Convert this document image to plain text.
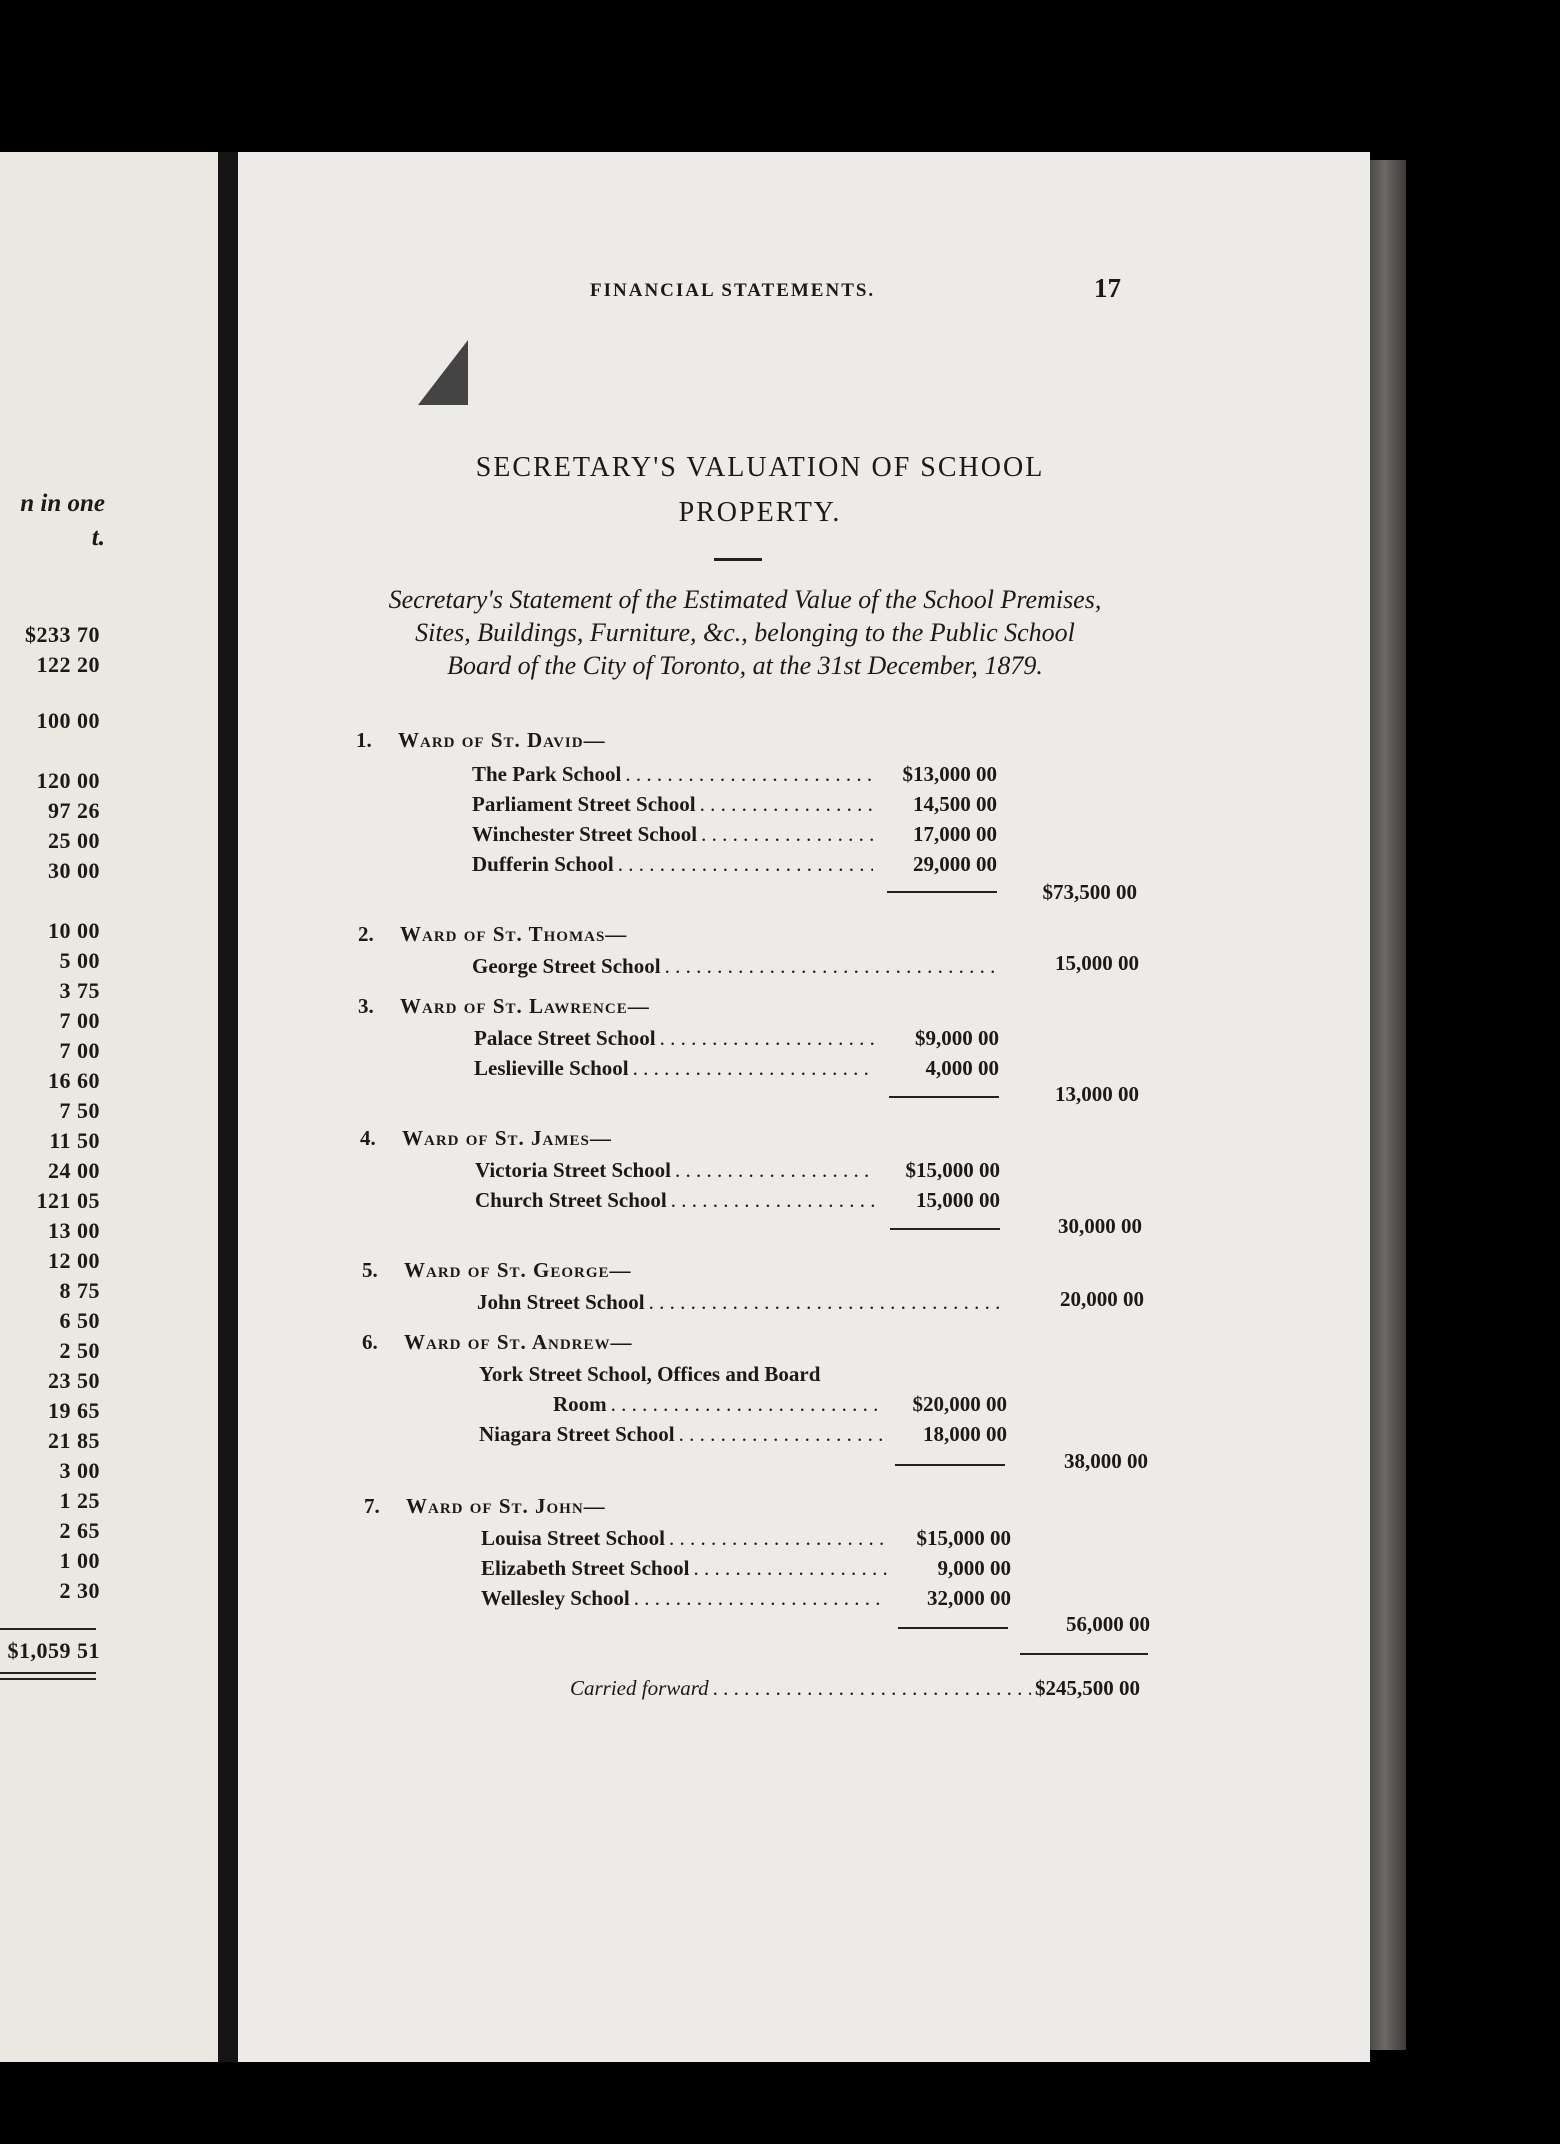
n in one
t.
$233 70
122 20
100 00
120 00
97 26
25 00
30 00
10 00
5 00
3 75
7 00
7 00
16 60
7 50
11 50
24 00
121 05
13 00
12 00
8 75
6 50
2 50
23 50
19 65
21 85
3 00
1 25
2 65
1 00
2 30
$1,059 51
FINANCIAL STATEMENTS.	17
SECRETARY'S VALUATION OF SCHOOL
PROPERTY.
Secretary's Statement of the Estimated Value of the School Premises,
Sites, Buildings, Furniture, &c., belonging to the Public School
Board of the City of Toronto, at the 31st December, 1879.
1. Ward of St. David—
The Park School . . .	$13,000 00
Parliament Street School . . .	14,500 00
Winchester Street School . . .	17,000 00
Dufferin School . . .	29,000 00
$73,500 00
2. Ward of St. Thomas—
George Street School . . .	15,000 00
3. Ward of St. Lawrence—
Palace Street School . . .	$9,000 00
Leslieville School . . .	4,000 00
13,000 00
4. Ward of St. James—
Victoria Street School . . .	$15,000 00
Church Street School . . .	15,000 00
30,000 00
5. Ward of St. George—
John Street School . . .	20,000 00
6. Ward of St. Andrew—
York Street School, Offices and Board
Room . . .	$20,000 00
Niagara Street School . . .	18,000 00
38,000 00
7. Ward of St. John—
Louisa Street School . . .	$15,000 00
Elizabeth Street School . . .	9,000 00
Wellesley School . . .	32,000 00
56,000 00
Carried forward . . .	$245,500 00
